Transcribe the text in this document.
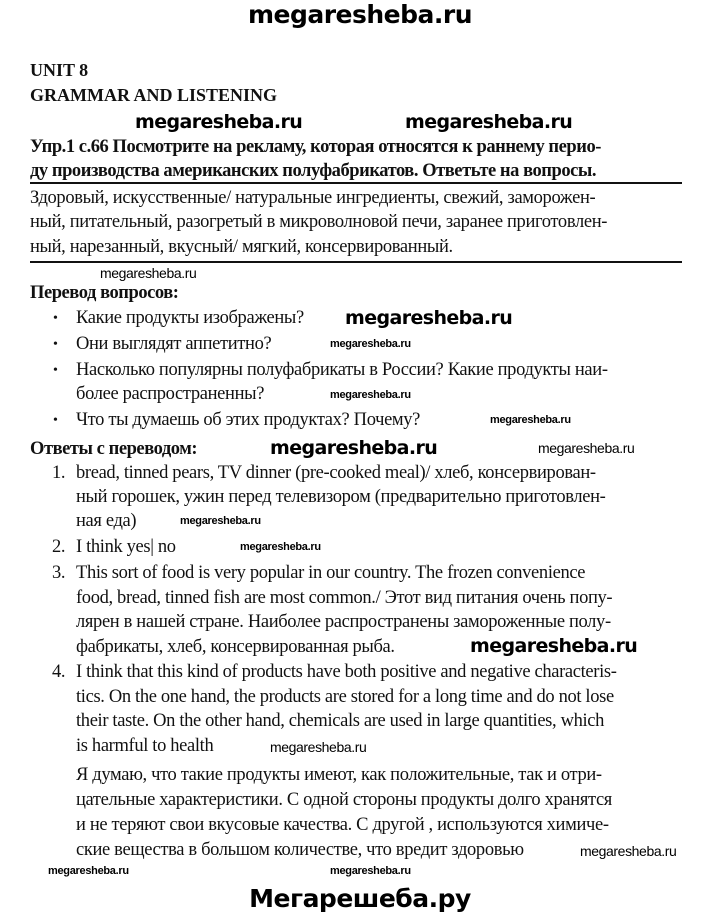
megaresheba.ru
UNIT 8
GRAMMAR AND LISTENING
megaresheba.ru	megaresheba.ru
Упр.1 с.66 Посмотрите на рекламу, которая относятся к раннему перио-
ду производства американских полуфабрикатов. Ответьте на вопросы.
Здоровый, искусственные/ натуральные ингредиенты, свежий, заморожен-
ный, питательный, разогретый в микроволновой печи, заранее приготовлен-
ный, нарезанный, вкусный/ мягкий, консервированный.
megaresheba.ru
Перевод вопросов:
• Какие продукты изображены? megaresheba.ru
• Они выглядят аппетитно?	megaresheba.ru
• Насколько популярны полуфабрикаты в России? Какие продукты наи-
более распространенны?	megaresheba.ru
• Что ты думаешь об этих продуктах? Почему?	megaresheba.ru
Ответы с переводом:	megaresheba.ru	megaresheba.ru
1. bread, tinned pears, TV dinner (pre-cooked meal)/ хлеб, консервирован-
ный горошек, ужин перед телевизором (предварительно приготовлен-
ная еда)	megaresheba.ru
2. I think yes| no	megaresheba.ru
3. This sort of food is very popular in our country. The frozen convenience
food, bread, tinned fish are most common./ Этот вид питания очень попу-
лярен в нашей стране. Наиболее распространены замороженные полу-
фабрикаты, хлеб, консервированная рыба.	megaresheba.ru
4. I think that this kind of products have both positive and negative characteris-
tics. On the one hand, the products are stored for a long time and do not lose
their taste. On the other hand, chemicals are used in large quantities, which
is harmful to health	megaresheba.ru
Я думаю, что такие продукты имеют, как положительные, так и отри-
цательные характеристики. С одной стороны продукты долго хранятся
и не теряют свои вкусовые качества. С другой , используются химиче-
ские вещества в большом количестве, что вредит здоровью	megaresheba.ru
megaresheba.ru	megaresheba.ru
Мегарешеба.ру
